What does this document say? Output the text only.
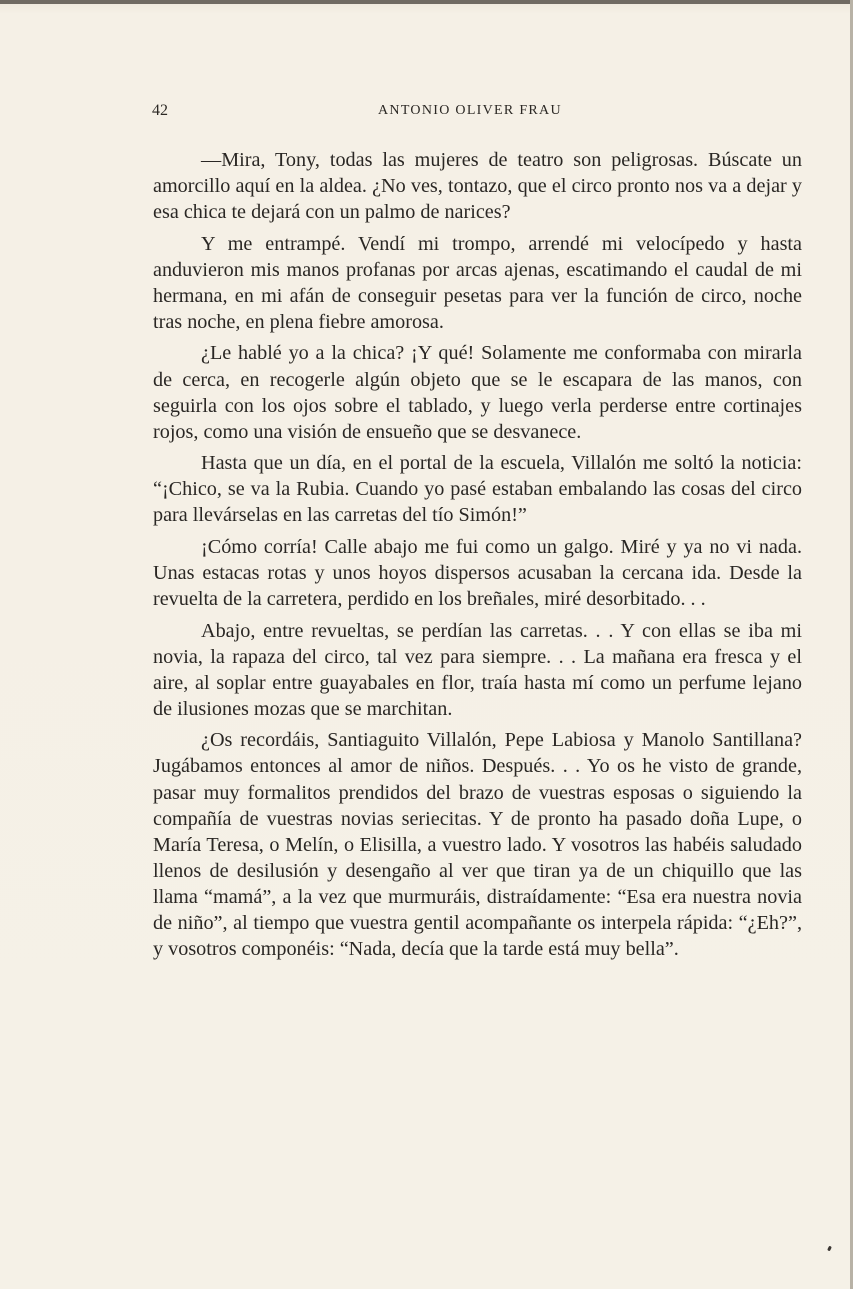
42	ANTONIO OLIVER FRAU

—Mira, Tony, todas las mujeres de teatro son peligrosas. Búscate un amorcillo aquí en la aldea. ¿No ves, tontazo, que el circo pronto nos va a dejar y esa chica te dejará con un palmo de narices?

Y me entrampé. Vendí mi trompo, arrendé mi velocípedo y hasta anduvieron mis manos profanas por arcas ajenas, escatimando el caudal de mi hermana, en mi afán de conseguir pesetas para ver la función de circo, noche tras noche, en plena fiebre amorosa.

¿Le hablé yo a la chica? ¡Y qué! Solamente me conformaba con mirarla de cerca, en recogerle algún objeto que se le escapara de las manos, con seguirla con los ojos sobre el tablado, y luego verla perderse entre cortinajes rojos, como una visión de ensueño que se desvanece.

Hasta que un día, en el portal de la escuela, Villalón me soltó la noticia: “¡Chico, se va la Rubia. Cuando yo pasé estaban embalando las cosas del circo para llevárselas en las carretas del tío Simón!”

¡Cómo corría! Calle abajo me fui como un galgo. Miré y ya no vi nada. Unas estacas rotas y unos hoyos dispersos acusaban la cercana ida. Desde la revuelta de la carretera, perdido en los breñales, miré desorbitado. . .

Abajo, entre revueltas, se perdían las carretas. . . Y con ellas se iba mi novia, la rapaza del circo, tal vez para siempre. . . La mañana era fresca y el aire, al soplar entre guayabales en flor, traía hasta mí como un perfume lejano de ilusiones mozas que se marchitan.

¿Os recordáis, Santiaguito Villalón, Pepe Labiosa y Manolo Santillana? Jugábamos entonces al amor de niños. Después. . . Yo os he visto de grande, pasar muy formalitos prendidos del brazo de vuestras esposas o siguiendo la compañía de vuestras novias seriecitas. Y de pronto ha pasado doña Lupe, o María Teresa, o Melín, o Elisilla, a vuestro lado. Y vosotros las habéis saludado llenos de desilusión y desengaño al ver que tiran ya de un chiquillo que las llama “mamá”, a la vez que murmuráis, distraídamente: “Esa era nuestra novia de niño”, al tiempo que vuestra gentil acompañante os interpela rápida: “¿Eh?”, y vosotros componéis: “Nada, decía que la tarde está muy bella”.
